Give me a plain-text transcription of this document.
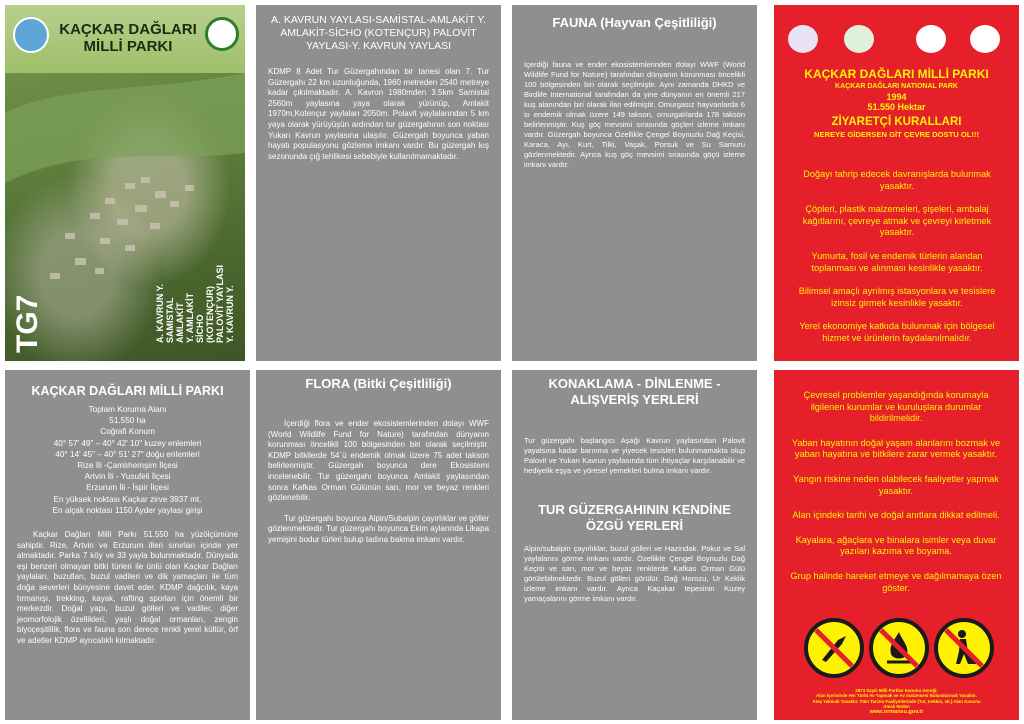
KAÇKAR DAĞLARI
MİLLİ PARKI
TG7	A. KAVRUN Y. SAMISTAL AMLAKİT Y. AMLAKİT SİCHO (KOTENÇUR) PALOVİT YAYLASI Y. KAVRUN Y.
A. KAVRUN YAYLASI-SAMİSTAL-AMLAKİT Y. AMLAKİT-SİCHO (KOTENÇUR) PALOVİT YAYLASI-Y. KAVRUN YAYLASI
KDMP 8 Adet Tur Güzergahından bir tanesi olan 7. Tur Güzergahı 22 km uzunluğunda, 1960 metreden 2540 metreye kadar çıkılmaktadır. A. Kavron 1980mden 3.5km Samistal 2560m yaylasına yaya olarak yürünüp, Amlakit 1970m,Kotençur yaylaları 2050m. Polavit yaylalarından 5 km yaya olarak yürüyüşün ardından tur güzergahının son noktası Yukarı Kavrun yaylasına ulaşılır. Güzergah boyunca yaban hayatı populasyonu gözleme imkanı vardır. Bu güzergah kış sezonunda çığ tehlikesi sebebiyle kullanılmamaktadır.
FAUNA (Hayvan Çeşitliliği)
İçerdiği fauna ve ender ekosistemlerinden dolayı WWF (World Wildlife Fund for Nature) tarafından dünyanın korunması öncelikli 100 bölgesinden biri olarak seçilmiştir. Aynı zamanda DHKD ve Birdlife International tarafından da yine dünyanın en önemli 217 kuş alanından biri olarak ilan edilmiştir. Omurgasız hayvanlarda 6 sı endemik olmak üzere 149 takson, omurgalılarda 178 takson belirlenmiştir. Kuş göç mevsimi sırasında göçleri izleme imkanı vardır. Güzergah boyunca Özellikle Çengel Boynuzlu Dağ Keçisi, Karaca, Ayı, Kurt, Tilki, Vaşak, Porsuk ve Su Samuru gözlenmektedir. Ayrıca kuş göç mevsimi sırasında göçü izleme imkanı vardır.
KAÇKAR DAĞLARI MİLLİ PARKI
KAÇKAR DAĞLARI NATIONAL PARK
1994
51.550 Hektar
ZİYARETÇİ KURALLARI
NEREYE GİDERSEN GİT ÇEVRE DOSTU OL!!!
Doğayı tahrip edecek davranışlarda bulunmak yasaktır.
Çöpleri, plastik malzemeleri, şişeleri, ambalaj kağıtlarını, çevreye atmak ve çevreyi kirletmek yasaktır.
Yumurta, fosil ve endemik türlerin alandan toplanması ve alınması kesinlikle yasaktır.
Bilimsel amaçlı ayrılmış istasyonlara ve tesislere izinsiz girmek kesinlikle yasaktır.
Yerel ekonomiye katkıda bulunmak için bölgesel hizmet ve ürünlerin faydalanılmalıdır.
KAÇKAR DAĞLARI MİLLİ PARKI
Toplam Koruma Alanı
51.550 ha
Coğrafi Konum
40° 57' 49" – 40° 42' 10" kuzey enlemleri
40° 14' 45" – 40° 51' 27" doğu enlemleri
Rize İli -Çamlıhemşim İlçesi
Artvin İli - Yusufeli İlçesi
Erzurum İli - İspir İlçesi
En yüksek noktası Kaçkar zirve 3937 mt.
En alçak noktası 1150 Ayder yaylası girişi
Kaçkar Dağları Milli Parkı 51.550 ha yüzölçümüne sahiptir. Rize, Artvin ve Erzurum illeri sınırları içinde yer almaktadır. Parka 7 köy ve 33 yayla bulunmaktadır. Dünyada eşi benzeri olmayan bitki türleri ile ünlü olan Kaçkar Dağları yaylaları, buzulları, buzul vadileri ve dik yamaçları ile tüm doğa severleri bünyesine davet eder. KDMP dağcılık, kaya tırmanışı, trekking, kayak, rafting sporları için önemli bir merkezdir. Doğal yapı, buzul gölleri ve vadiler, diğer jeomorfolojik özellikleri, yaşlı doğal ormanları, zengin biyoçeşitlilik, flora ve fauna son derece renkli yerel kültür, örf ve adetler KDMP ayrıcalıklı kılmaktadır.
FLORA (Bitki Çeşitliliği)
İçerdiği flora ve ender ekosistemlerinden dolayı WWF (World Wildlife Fund for Nature) tarafından dünyanın korunması öncelikli 100 bölgesinden biri olarak seçilmiştir. KDMP bitkilerde 54`ü endemik olmak üzere 75 adet takson belirlenmiştir. Güzergah boyunca dere Ekosistemi incelenebilir. Tur güzergahı boyunca Amlakit yaylasından sonra Kafkas Orman Gülünün sarı, mor ve beyaz renkleri gözlenebilir.
Tur güzergahı boyunca Alpin/Subalpin çayırlıklar ve göller gözlenmektedir. Tur güzergahı boyunca Ekim aylarında Likapa yemişini bodur türleri bulup tadına bakma imkanı vardır.
KONAKLAMA - DİNLENME - ALIŞVERİŞ YERLERİ
Tur güzergahı başlangıcı Aşağı Kavrun yaylasından Palovit yayalsına kadar barınma ve yiyecek tesisleri bulunmamakta olup Palovit ve Yukarı Kavrun yaylasında tüm ihtiyaçlar karşılanabilir ve hediyelik eşya ve yöresel yemekleri bulma imkanı vardır.
TUR GÜZERGAHININ KENDİNE ÖZGÜ YERLERİ
Alpin/subalpin çayırlıklar, buzul gölleri ve Hazindak. Pokut ve Sal yaylalarını görme imkanı vardır. Özellikle Çengel Boynuzlu Dağ Keçisi ve sarı, mor ve beyaz renklerde Kafkas Orman Gülü görülebilmektedir. Buzul gölleri görülür. Dağ Horozu, Ur Keklik izleme imkanı vardır. Ayrıca Kaçakar tepesinin Kuzey yamaçalarını görme imkanı vardır.
Çevresel problemler yaşandığında korumayla ilgilenen kurumlar ve kuruluşlara durumlar bildirilmelidir.
Yaban hayatının doğal yaşam alanlarını bozmak ve yaban hayatına ve bitkilere zarar vermek yasaktır.
Yangın riskine neden olabilecek faaliyetler yapmak yasaktır.
Alan içindeki tarihi ve doğal anıtlara dikkat edilmeli.
Kayalara, ağaçlara ve binalara isimler veya duvar yazıları kazıma ve boyama.
Grup halinde hareket etmeye ve dağılmamaya özen göster.
2873 Sayılı Milli Parklar Kanunu Gereği:
Alan İçerisinde Her Türlü Av Yapmak ve Av malzemesi Bulundurmak Yasaktır.
Ateş Yakmak Yasaktır. Tüm Turizm Faaliyetlerinde (Tur, trekkin, vb.) Alan Kanunu
Amalı Neden
www.ormansu.gov.tr
